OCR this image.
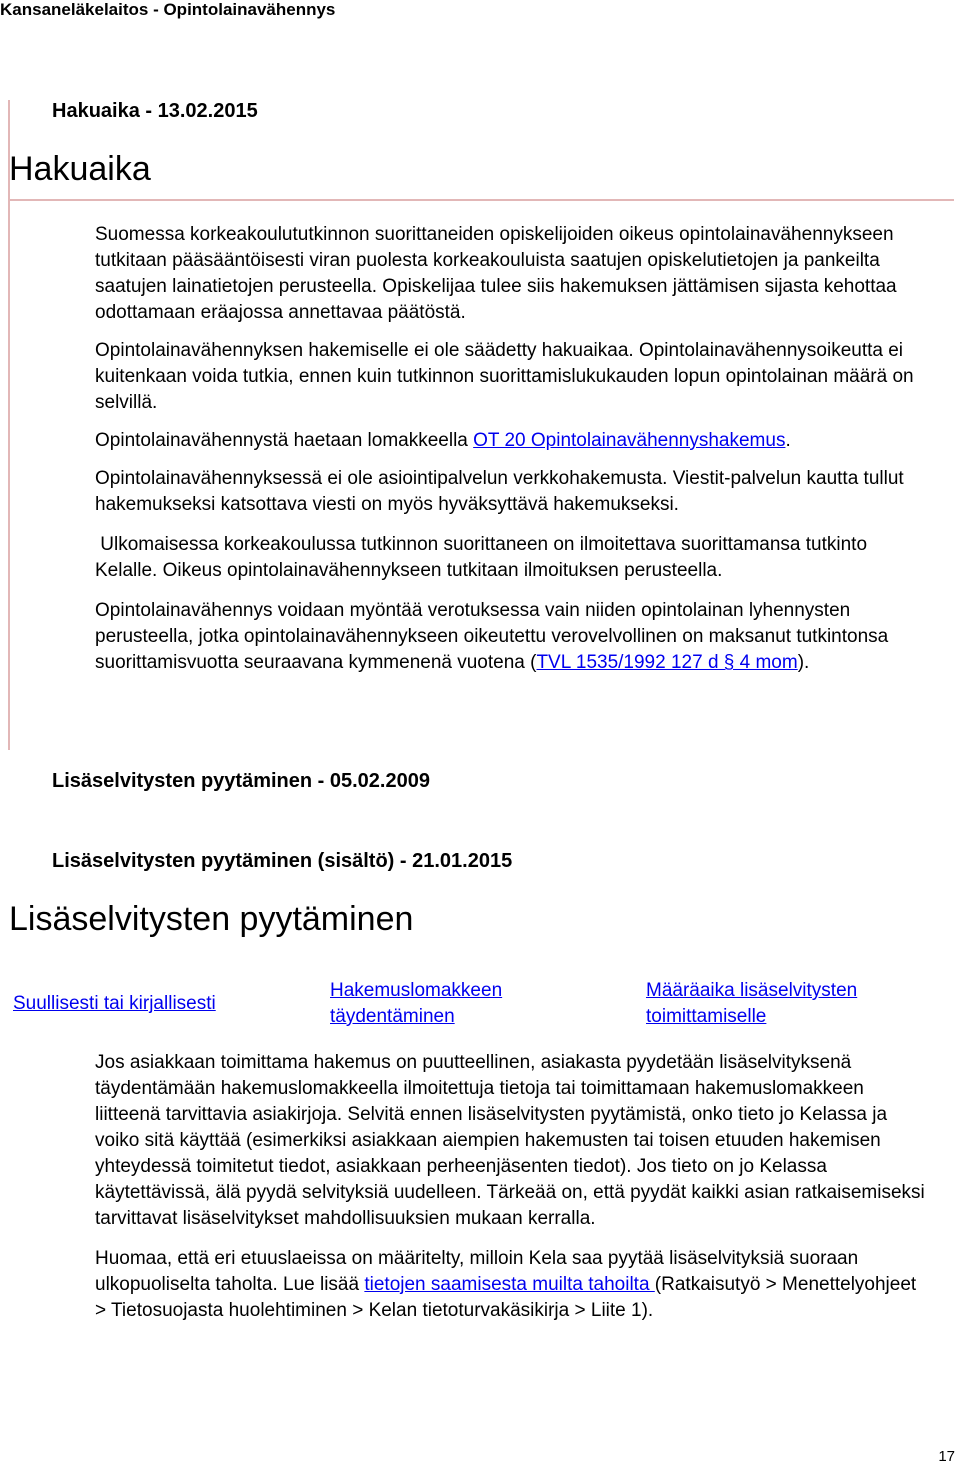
Kansaneläkelaitos - Opintolainavähennys
Hakuaika - 13.02.2015
Hakuaika

Suomessa korkeakoulututkinnon suorittaneiden opiskelijoiden oikeus opintolainavähennykseen tutkitaan pääsääntöisesti viran puolesta korkeakouluista saatujen opiskelutietojen ja pankeilta saatujen lainatietojen perusteella. Opiskelijaa tulee siis hakemuksen jättämisen sijasta kehottaa odottamaan eräajossa annettavaa päätöstä.

Opintolainavähennyksen hakemiselle ei ole säädetty hakuaikaa. Opintolainavähennysoikeutta ei kuitenkaan voida tutkia, ennen kuin tutkinnon suorittamislukukauden lopun opintolainan määrä on selvillä.

Opintolainavähennystä haetaan lomakkeella OT 20 Opintolainavähennyshakemus.

Opintolainavähennyksessä ei ole asiointipalvelun verkkohakemusta. Viestit-palvelun kautta tullut hakemukseksi katsottava viesti on myös hyväksyttävä hakemukseksi.

Ulkomaisessa korkeakoulussa tutkinnon suorittaneen on ilmoitettava suorittamansa tutkinto Kelalle. Oikeus opintolainavähennykseen tutkitaan ilmoituksen perusteella.

Opintolainavähennys voidaan myöntää verotuksessa vain niiden opintolainan lyhennysten perusteella, jotka opintolainavähennykseen oikeutettu verovelvollinen on maksanut tutkintonsa suorittamisvuotta seuraavana kymmenenä vuotena (TVL 1535/1992 127 d § 4 mom).

Lisäselvitysten pyytäminen - 05.02.2009
Lisäselvitysten pyytäminen (sisältö) - 21.01.2015
Lisäselvitysten pyytäminen
Suullisesti tai kirjallisesti
Hakemuslomakkeen täydentäminen
Määräaika lisäselvitysten toimittamiselle

Jos asiakkaan toimittama hakemus on puutteellinen, asiakasta pyydetään lisäselvityksenä täydentämään hakemuslomakkeella ilmoitettuja tietoja tai toimittamaan hakemuslomakkeen liitteenä tarvittavia asiakirjoja. Selvitä ennen lisäselvitysten pyytämistä, onko tieto jo Kelassa ja voiko sitä käyttää (esimerkiksi asiakkaan aiempien hakemusten tai toisen etuuden hakemisen yhteydessä toimitetut tiedot, asiakkaan perheenjäsenten tiedot). Jos tieto on jo Kelassa käytettävissä, älä pyydä selvityksiä uudelleen. Tärkeää on, että pyydät kaikki asian ratkaisemiseksi tarvittavat lisäselvitykset mahdollisuuksien mukaan kerralla.

Huomaa, että eri etuuslaeissa on määritelty, milloin Kela saa pyytää lisäselvityksiä suoraan ulkopuoliselta taholta. Lue lisää tietojen saamisesta muilta tahoilta (Ratkaisutyö > Menettelyohjeet > Tietosuojasta huolehtiminen > Kelan tietoturvakäsikirja > Liite 1).

17
